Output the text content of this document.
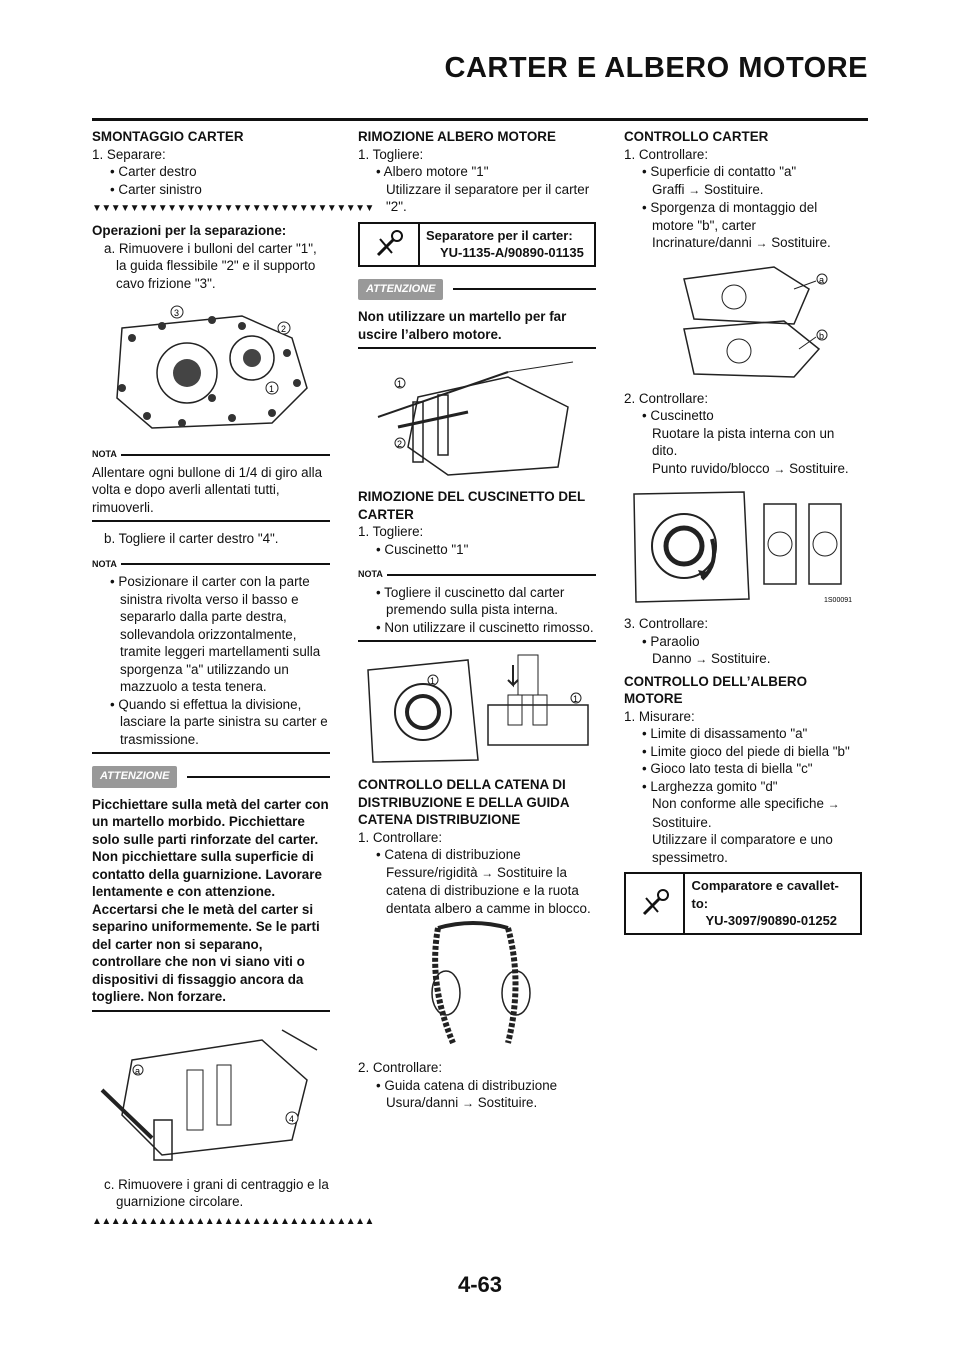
CARTER E ALBERO MOTORE

SMONTAGGIO CARTER

1. Separare:

• Carter destro

• Carter sinistro

▼▼▼▼▼▼▼▼▼▼▼▼▼▼▼▼▼▼▼▼▼▼▼▼▼▼▼▼▼▼

Operazioni per la separazione:

a. Rimuovere i bulloni del carter "1", la guida flessibile "2" e il supporto cavo frizione "3".

3
2
1
NOTA

Allentare ogni bullone di 1/4 di giro alla volta e dopo averli allentati tutti, rimuoverli.

b. Togliere il carter destro "4".

NOTA

• Posizionare il carter con la parte sinistra rivolta verso il basso e separarlo dalla parte destra, sollevandola orizzontalmente, tramite leggeri martellamenti sulla sporgenza "a" utilizzando un mazzuolo a testa tenera.

• Quando si effettua la divisione, lasciare la parte sinistra su carter e trasmissione.

ATTENZIONE

Picchiettare sulla metà del carter con un martello morbido. Picchiettare solo sulle parti rinforzate del carter. Non picchiettare sulla superficie di contatto della guarnizione. Lavorare lentamente e con attenzione. Accertarsi che le metà del carter si separino uniformemente. Se le parti del carter non si separano, controllare che non vi siano viti o dispositivi di fissaggio ancora da togliere. Non forzare.

a
4

c. Rimuovere i grani di centraggio e la guarnizione circolare.

▲▲▲▲▲▲▲▲▲▲▲▲▲▲▲▲▲▲▲▲▲▲▲▲▲▲▲▲▲▲

RIMOZIONE ALBERO MOTORE

1. Togliere:

• Albero motore "1"

Utilizzare il separatore per il carter "2".

Separatore per il carter:
YU-1135-A/90890-01135
ATTENZIONE

Non utilizzare un martello per far uscire l’albero motore.

1
2

RIMOZIONE DEL CUSCINETTO DEL CARTER

1. Togliere:

• Cuscinetto "1"

NOTA

• Togliere il cuscinetto dal carter premendo sulla pista interna.

• Non utilizzare il cuscinetto rimosso.

1
1

CONTROLLO DELLA CATENA DI DISTRIBUZIONE E DELLA GUIDA CATENA DISTRIBUZIONE

1. Controllare:

• Catena di distribuzione

Fessure/rigidità → Sostituire la catena di distribuzione e la ruota dentata albero a camme in blocco.

2. Controllare:

• Guida catena di distribuzione

Usura/danni → Sostituire.

CONTROLLO CARTER

1. Controllare:

• Superficie di contatto "a"

Graffi → Sostituire.

• Sporgenza di montaggio del motore "b", carter

Incrinature/danni → Sostituire.

a
b

2. Controllare:

• Cuscinetto

Ruotare la pista interna con un dito.

Punto ruvido/blocco → Sostituire.

1S00091

3. Controllare:

• Paraolio

Danno → Sostituire.

CONTROLLO DELL’ALBERO MOTORE

1. Misurare:

• Limite di disassamento "a"

• Limite gioco del piede di biella "b"

• Gioco lato testa di biella "c"

• Larghezza gomito "d"

Non conforme alle specifiche → Sostituire.

Utilizzare il comparatore e uno spessimetro.

Comparatore e cavallet-to:
YU-3097/90890-01252
4-63
